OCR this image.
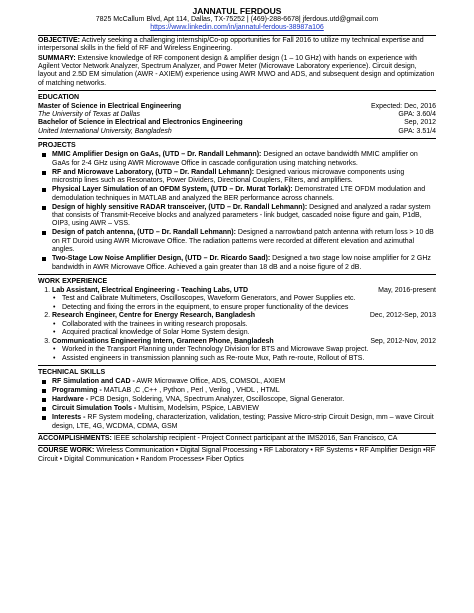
JANNATUL FERDOUS
7825 McCallum Blvd, Apt 114, Dallas, TX-75252 | (469)-288-6678| jferdous.utd@gmail.com
https://www.linkedin.com/in/jannatul-ferdous-38987a106
OBJECTIVE: Actively seeking a challenging internship/Co-op opportunities for Fall 2016 to utilize my technical expertise and interpersonal skills in the field of RF and Wireless Engineering.
SUMMARY: Extensive knowledge of RF component design & amplifier design (1 – 10 GHz) with hands on experience with Agilent Vector Network Analyzer, Spectrum Analyzer, and Power Meter (Microwave Laboratory experience). Circuit design, layout and 2.5D EM simulation (AWR - AXIEM) experience using AWR MWO and ADS, and subsequent design and optimization of matching networks.
EDUCATION
Master of Science in Electrical Engineering	Expected: Dec, 2016
The University of Texas at Dallas	GPA: 3.60/4
Bachelor of Science in Electrical and Electronics Engineering	Sep, 2012
United International University, Bangladesh	GPA: 3.51/4
PROJECTS
MMIC Amplifier Design on GaAs, (UTD – Dr. Randall Lehmann): Designed an octave bandwidth MMIC amplifier on GaAs for 2-4 GHz using AWR Microwave Office in cascade configuration using matching networks.
RF and Microwave Laboratory, (UTD – Dr. Randall Lehmann): Designed various microwave components using microstrip lines such as Resonators, Power Dividers, Directional Couplers, Filters, and amplifiers.
Physical Layer Simulation of an OFDM System, (UTD – Dr. Murat Torlak): Demonstrated LTE OFDM modulation and demodulation techniques in MATLAB and analyzed the BER performance across channels.
Design of highly sensitive RADAR transceiver, (UTD – Dr. Randall Lehmann): Designed and analyzed a radar system that consists of Transmit-Receive blocks and analyzed parameters - link budget, cascaded noise figure and gain, P1dB, OIP3, using AWR – VSS.
Design of patch antenna, (UTD – Dr. Randall Lehmann): Designed a narrowband patch antenna with return loss > 10 dB on RT Duroid using AWR Microwave Office. The radiation patterns were recorded at different elevation and azimuthal angles.
Two-Stage Low Noise Amplifier Design, (UTD – Dr. Ricardo Saad): Designed a two stage low noise amplifier for 2 GHz bandwidth in AWR Microwave Office. Achieved a gain greater than 18 dB and a noise figure of 2 dB.
WORK EXPERIENCE
1. Lab Assistant, Electrical Engineering - Teaching Labs, UTD	May, 2016-present
• Test and Calibrate Multimeters, Oscilloscopes, Waveform Generators, and Power Supplies etc.
• Detecting and fixing the errors in the equipment, to ensure proper functionality of the devices
2. Research Engineer, Centre for Energy Research, Bangladesh	Dec, 2012-Sep, 2013
• Collaborated with the trainees in writing research proposals.
• Acquired practical knowledge of Solar Home System design.
3. Communications Engineering Intern, Grameen Phone, Bangladesh	Sep, 2012-Nov, 2012
• Worked in the Transport Planning under Technology Division for BTS and Microwave Swap project.
• Assisted engineers in transmission planning such as Re-route Mux, Path re-route, Rollout of BTS.
TECHNICAL SKILLS
RF Simulation and CAD - AWR Microwave Office, ADS, COMSOL, AXIEM
Programming - MATLAB ,C ,C++ , Python , Perl , Verilog , VHDL , HTML
Hardware - PCB Design, Soldering, VNA, Spectrum Analyzer, Oscilloscope, Signal Generator.
Circuit Simulation Tools - Multisim, Modelsim, PSpice, LABVIEW
Interests - RF System modeling, characterization, validation, testing; Passive Micro-strip Circuit Design, mm – wave Circuit design, LTE, 4G, WCDMA, CDMA, GSM
ACCOMPLISHMENTS: IEEE scholarship recipient - Project Connect participant at the IMS2016, San Francisco, CA
COURSE WORK: Wireless Communication • Digital Signal Processing • RF Laboratory • RF Systems • RF Amplifier Design •RF Circuit • Digital Communication • Random Processes• Fiber Optics
